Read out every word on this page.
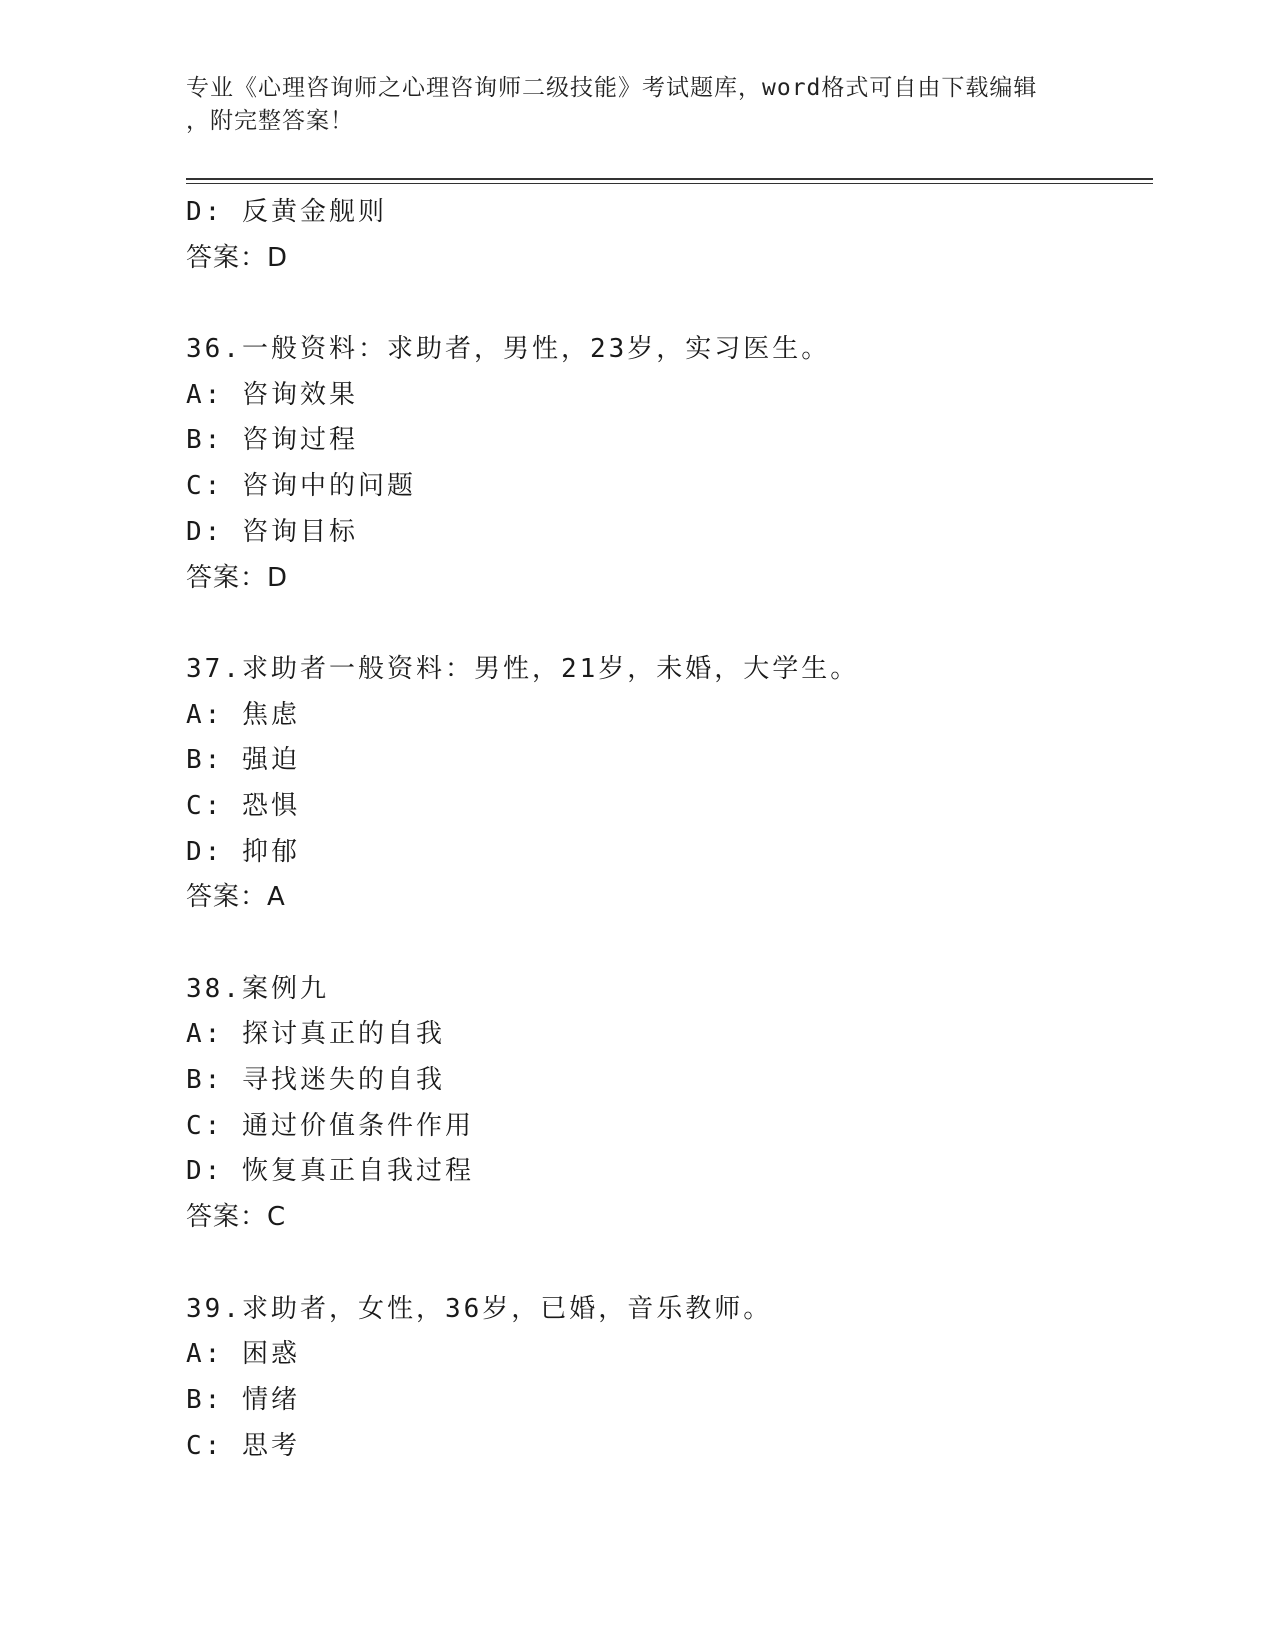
专业《心理咨询师之心理咨询师二级技能》考试题库，word格式可自由下载编辑
，附完整答案！
D: 反黄金舰则
答案：D
36.一般资料：求助者，男性，23岁，实习医生。
A: 咨询效果
B: 咨询过程
C: 咨询中的问题
D: 咨询目标
答案：D
37.求助者一般资料：男性，21岁，未婚，大学生。
A: 焦虑
B: 强迫
C: 恐惧
D: 抑郁
答案：A
38.案例九
A: 探讨真正的自我
B: 寻找迷失的自我
C: 通过价值条件作用
D: 恢复真正自我过程
答案：C
39.求助者，女性，36岁，已婚，音乐教师。
A: 困惑
B: 情绪
C: 思考
